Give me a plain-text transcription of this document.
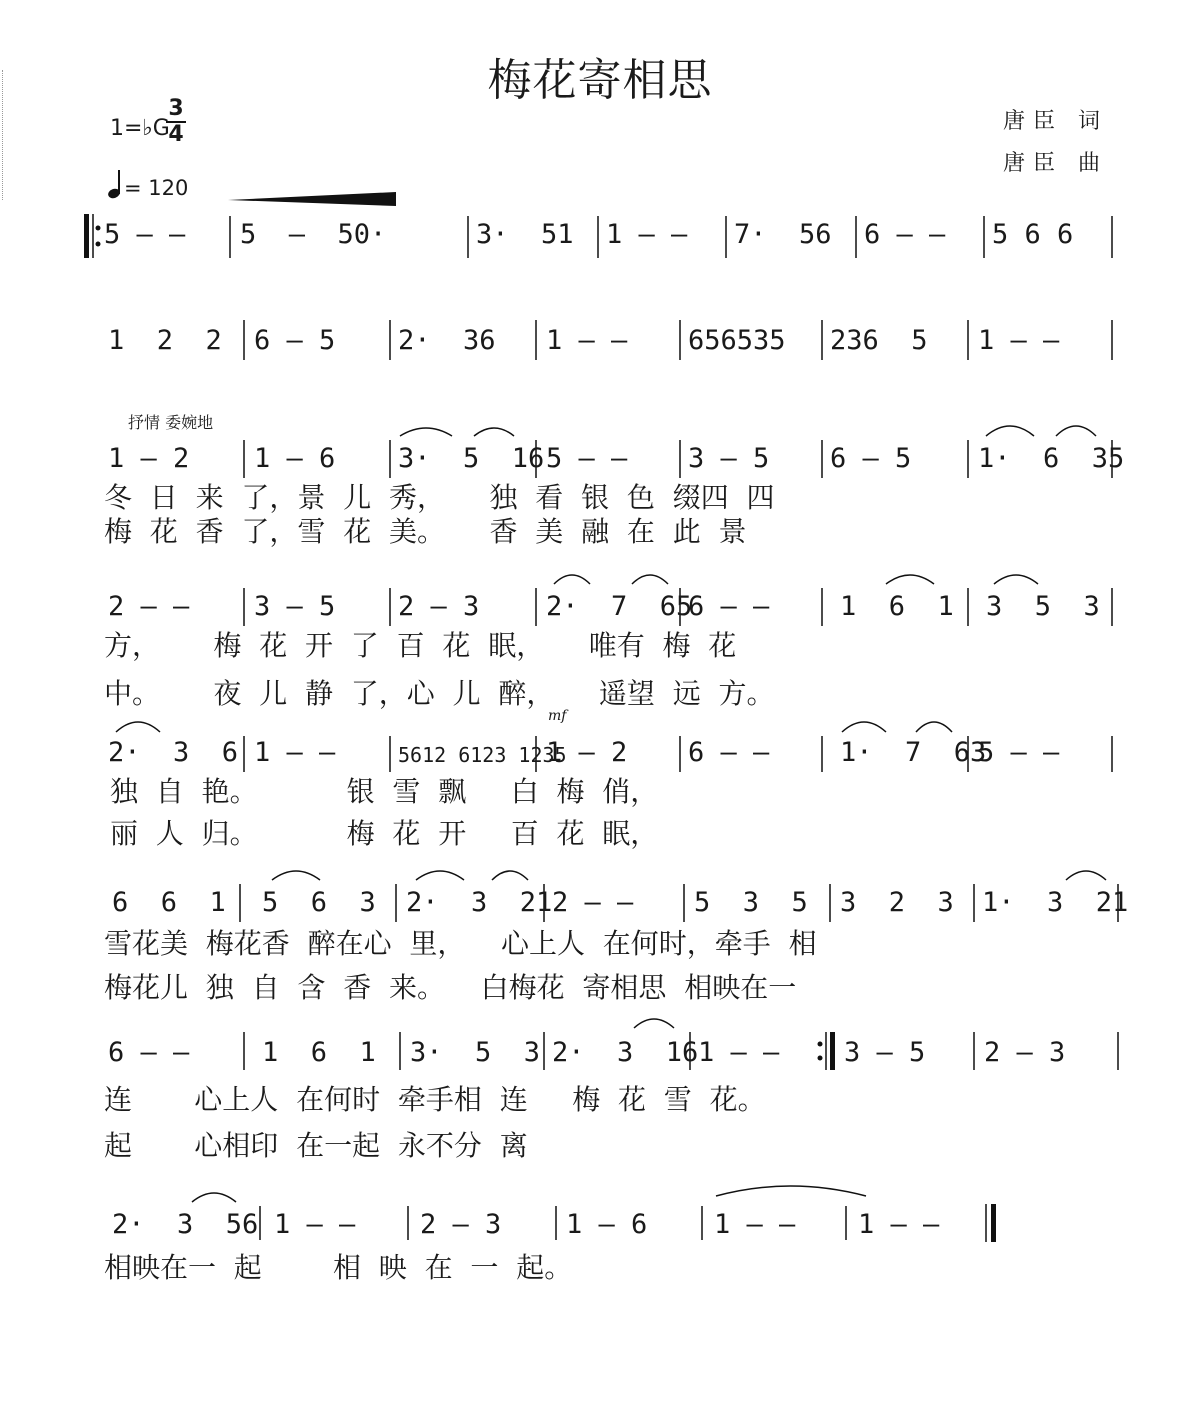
梅花寄相思
唐臣 词
唐臣 曲
1=♭G
3
4
= 120
抒情 委婉地
mf
5 — — 5  —  50·	3·  51 1 — — 7·  56 6 — — 5 6 6
1  2  2 6 — 5 2·  36 1 — — 656535 236  5 1 — —
1 — 2 1 — 6 3·  5  16 5 — — 3 — 5 6 — 5 1·  6  35
冬  日  来  了，景  儿  秀，     独  看  银  色  缀四  四
梅  花  香  了，雪  花  美。     香  美  融  在  此  景
2 — — 3 — 5 2 — 3 2·  7  65
6 — —	1  6  1 3  5  3
方，      梅  花  开  了  百  花  眠，     唯有  梅  花
中。      夜  儿  静  了，心  儿  醉，     遥望  远  方。
2·  3  6 1 — —	5612 6123 1235
1 — 2 6 — —	1·  7  63
5 — —
独  自  艳。          银  雪  飘     白  梅  俏，
丽  人  归。          梅  花  开     百  花  眠，
6  6  1 5  6  3 2·  3  21 2 — — 5  3  5 3  2  3 1·  3  21
雪花美  梅花香  醉在心  里，    心上人  在何时，牵手  相
梅花儿  独  自  含  香  来。    白梅花  寄相思  相映在一
6 — —	1  6  1 3·  5  3 2·  3  16 1 — — 3 — 5 2 — 3
连       心上人  在何时  牵手相  连     梅  花  雪  花。
起       心相印  在一起  永不分  离
2·  3  56 1 — — 2 — 3 1 — 6 1 — — 1 — —
相映在一  起        相  映  在  一  起。
